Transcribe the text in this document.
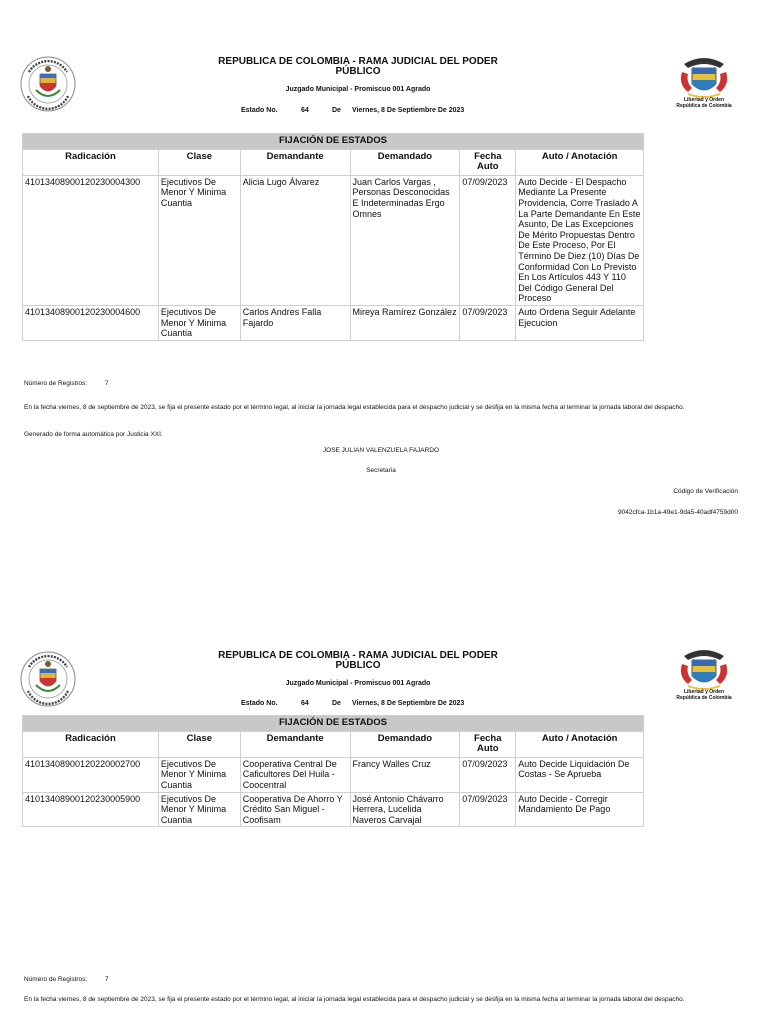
REPUBLICA DE COLOMBIA - RAMA JUDICIAL DEL PODER
PÚBLICO
Juzgado Municipal - Promiscuo 001 Agrado
Estado No.	64	De Viernes, 8 De Septiembre De 2023
Libertad y Orden
República de Colombia
FIJACIÓN DE ESTADOS					
Radicación	Clase	Demandante	Demandado	Fecha Auto	Auto / Anotación
41013408900120230004300	Ejecutivos De Menor Y Minima Cuantia	Alicia Lugo Álvarez	Juan Carlos Vargas , Personas Desconocidas E Indeterminadas Ergo Omnes	07/09/2023	Auto Decide - El Despacho Mediante La Presente Providencia, Corre Traslado A La Parte Demandante En Este Asunto, De Las Excepciones De Mérito Propuestas Dentro De Este Proceso, Por El Término De Diez (10) Días De Conformidad Con Lo Previsto En Los Artículos 443 Y 110 Del Código General Del Proceso
41013408900120230004600	Ejecutivos De Menor Y Minima Cuantia	Carlos Andres Falla Fajardo	Mireya Ramírez González	07/09/2023	Auto Ordena Seguir Adelante Ejecucion
Número de Registros:	7
En la fecha viernes, 8 de septiembre de 2023, se fija el presente estado por el término legal, al iniciar la jornada legal establecida para el despacho judicial y se desfija en la misma fecha al terminar la jornada laboral del despacho.
Generado de forma automática por Justicia XXI.
JOSE JULIAN VALENZUELA FAJARDO
Secretaria
Código de Verificación
9042cfca-1b1a-49e1-9da5-40adf4759d00
REPUBLICA DE COLOMBIA - RAMA JUDICIAL DEL PODER
PÚBLICO
Juzgado Municipal - Promiscuo 001 Agrado
Estado No.	64	De Viernes, 8 De Septiembre De 2023
Libertad y Orden
República de Colombia
FIJACIÓN DE ESTADOS					
Radicación	Clase	Demandante	Demandado	Fecha Auto	Auto / Anotación
41013408900120220002700	Ejecutivos De Menor Y Minima Cuantia	Cooperativa Central De Caficultores Del Huila - Coocentral	Francy Walles Cruz	07/09/2023	Auto Decide Liquidación De Costas - Se Aprueba
41013408900120230005900	Ejecutivos De Menor Y Minima Cuantia	Cooperativa De Ahorro Y Crédito San Miguel - Coofisam	José Antonio Chávarro Herrera, Lucelida Naveros Carvajal	07/09/2023	Auto Decide - Corregir Mandamiento De Pago
Número de Registros:	7
En la fecha viernes, 8 de septiembre de 2023, se fija el presente estado por el término legal, al iniciar la jornada legal establecida para el despacho judicial y se desfija en la misma fecha al terminar la jornada laboral del despacho.
